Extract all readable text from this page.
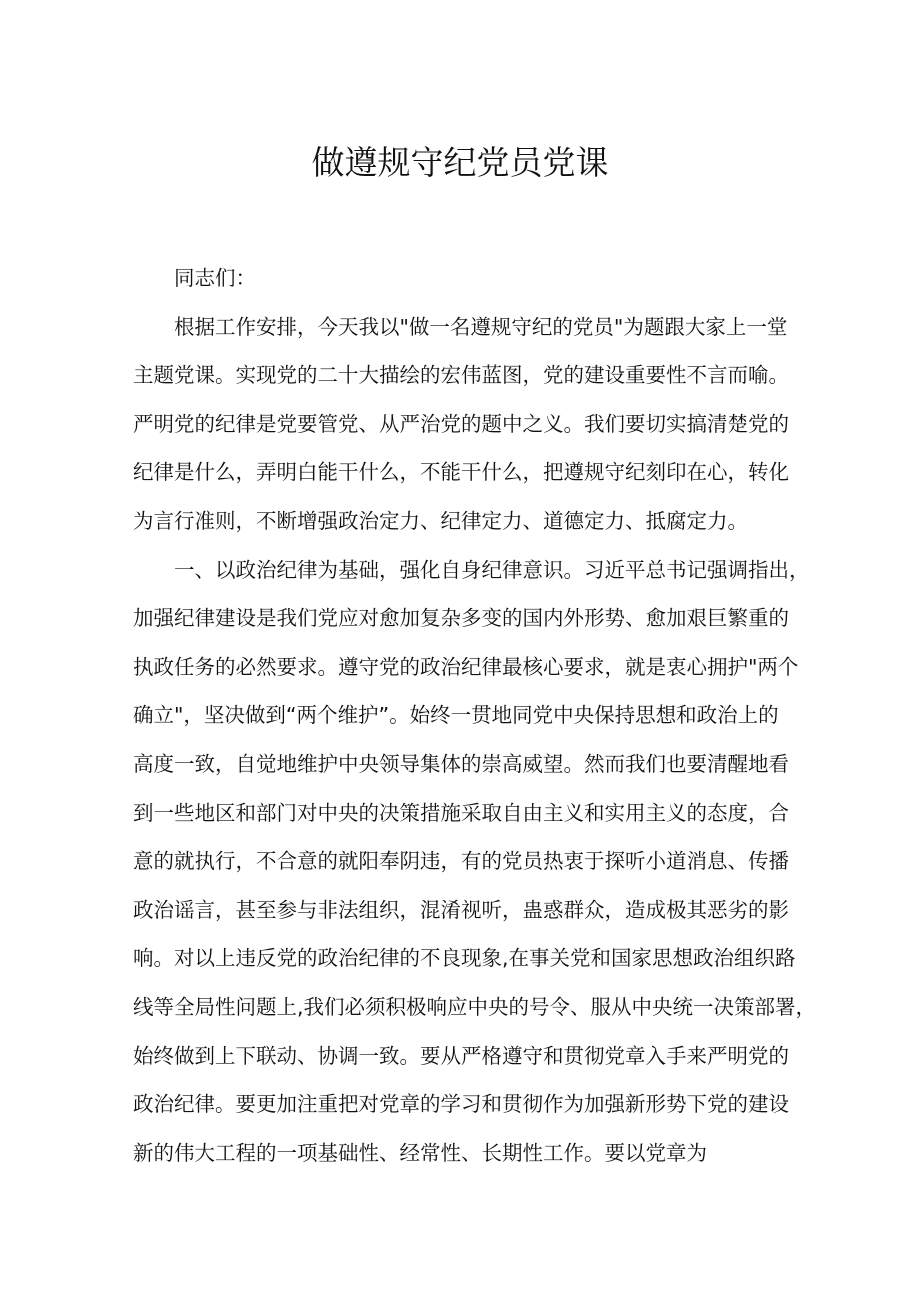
做遵规守纪党员党课
同志们：
根据工作安排，今天我以"做一名遵规守纪的党员"为题跟大家上一堂
主题党课。实现党的二十大描绘的宏伟蓝图，党的建设重要性不言而喻。
严明党的纪律是党要管党、从严治党的题中之义。我们要切实搞清楚党的
纪律是什么，弄明白能干什么，不能干什么，把遵规守纪刻印在心，转化
为言行准则，不断增强政治定力、纪律定力、道德定力、抵腐定力。
一、以政治纪律为基础，强化自身纪律意识。习近平总书记强调指出，
加强纪律建设是我们党应对愈加复杂多变的国内外形势、愈加艰巨繁重的
执政任务的必然要求。遵守党的政治纪律最核心要求，就是衷心拥护"两个
确立"，坚决做到“两个维护”。始终一贯地同党中央保持思想和政治上的
高度一致，自觉地维护中央领导集体的崇高威望。然而我们也要清醒地看
到一些地区和部门对中央的决策措施采取自由主义和实用主义的态度，合
意的就执行，不合意的就阳奉阴违，有的党员热衷于探听小道消息、传播
政治谣言，甚至参与非法组织，混淆视听，蛊惑群众，造成极其恶劣的影
响。对以上违反党的政治纪律的不良现象,在事关党和国家思想政治组织路
线等全局性问题上,我们必须积极响应中央的号令、服从中央统一决策部署，
始终做到上下联动、协调一致。要从严格遵守和贯彻党章入手来严明党的
政治纪律。要更加注重把对党章的学习和贯彻作为加强新形势下党的建设
新的伟大工程的一项基础性、经常性、长期性工作。要以党章为
